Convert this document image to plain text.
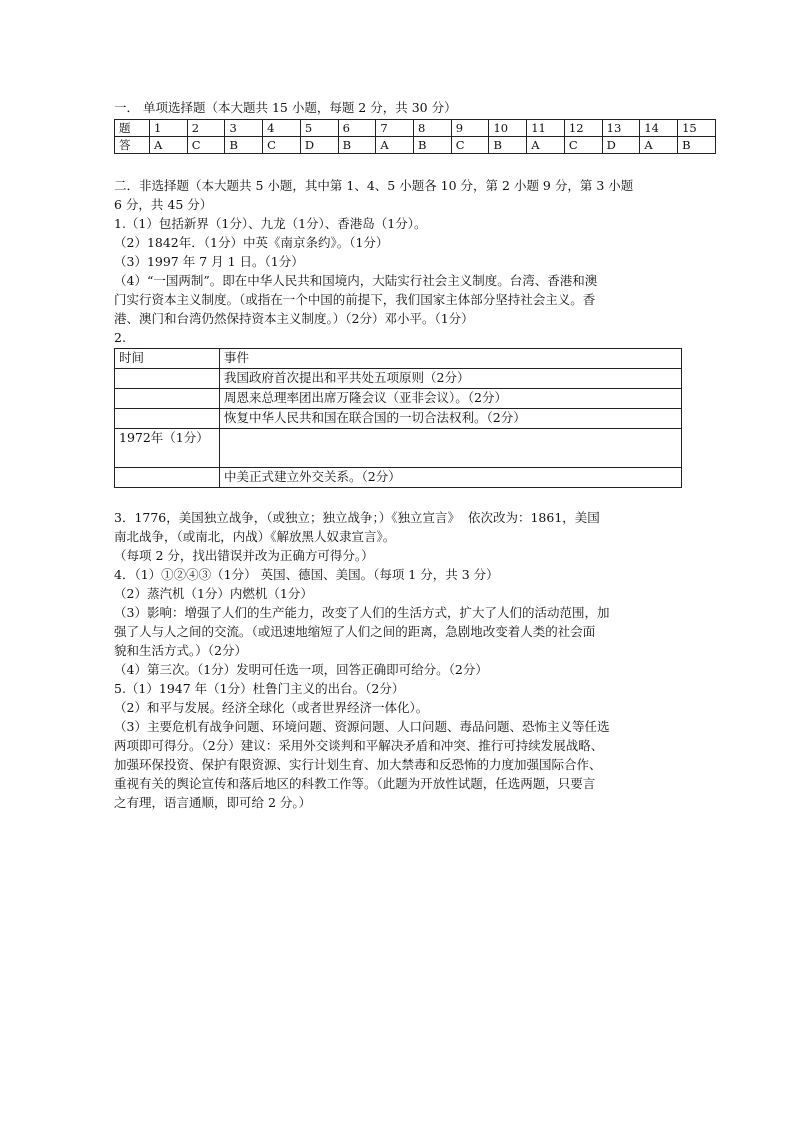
一． 单项选择题（本大题共 15 小题，每题 2 分，共 30 分）

题	1	2	3	4	5	6	7	8	9	10	11	12	13	14	15
答	A	C	B	C	D	B	A	B	C	B	A	C	D	A	B

二．非选择题（本大题共 5 小题，其中第 1、4、5 小题各 10 分，第 2 小题 9 分，第 3 小题

6 分，共 45 分）

1.（1）包括新界（1分）、九龙（1分）、香港岛（1分）。

（2）1842年．（1分）中英《南京条约》。（1分）

（3）1997 年 7 月 1 日。（1分）

（4）“一国两制”。即在中华人民共和国境内，大陆实行社会主义制度。台湾、香港和澳

门实行资本主义制度。（或指在一个中国的前提下，我们国家主体部分坚持社会主义。香

港、澳门和台湾仍然保持资本主义制度。）（2分）邓小平。（1分）

2.

时间	事件
	我国政府首次提出和平共处五项原则（2分）
	周恩来总理率团出席万隆会议（亚非会议）。（2分）
	恢复中华人民共和国在联合国的一切合法权利。（2分）
1972年（1分）	
	中美正式建立外交关系。（2分）

3．1776，美国独立战争，（或独立；独立战争；）《独立宣言》  依次改为：1861，美国

南北战争，（或南北，内战）《解放黑人奴隶宣言》。

（每项 2 分，找出错误并改为正确方可得分。）

4．（1）①②④③（1分） 英国、德国、美国。（每项 1 分，共 3 分）

（2）蒸汽机（1分）内燃机（1分）

（3）影响：增强了人们的生产能力，改变了人们的生活方式，扩大了人们的活动范围，加

强了人与人之间的交流。（或迅速地缩短了人们之间的距离，急剧地改变着人类的社会面

貌和生活方式。）（2分）

（4）第三次。（1分）发明可任选一项，回答正确即可给分。（2分）

5.（1）1947 年（1分）杜鲁门主义的出台。（2分）

（2）和平与发展。经济全球化（或者世界经济一体化）。

（3）主要危机有战争问题、环境问题、资源问题、人口问题、毒品问题、恐怖主义等任选

两项即可得分。（2分）建议：采用外交谈判和平解决矛盾和冲突、推行可持续发展战略、

加强环保投资、保护有限资源、实行计划生育、加大禁毒和反恐怖的力度加强国际合作、

重视有关的舆论宣传和落后地区的科教工作等。（此题为开放性试题，任选两题，只要言

之有理，语言通顺，即可给 2 分。）
